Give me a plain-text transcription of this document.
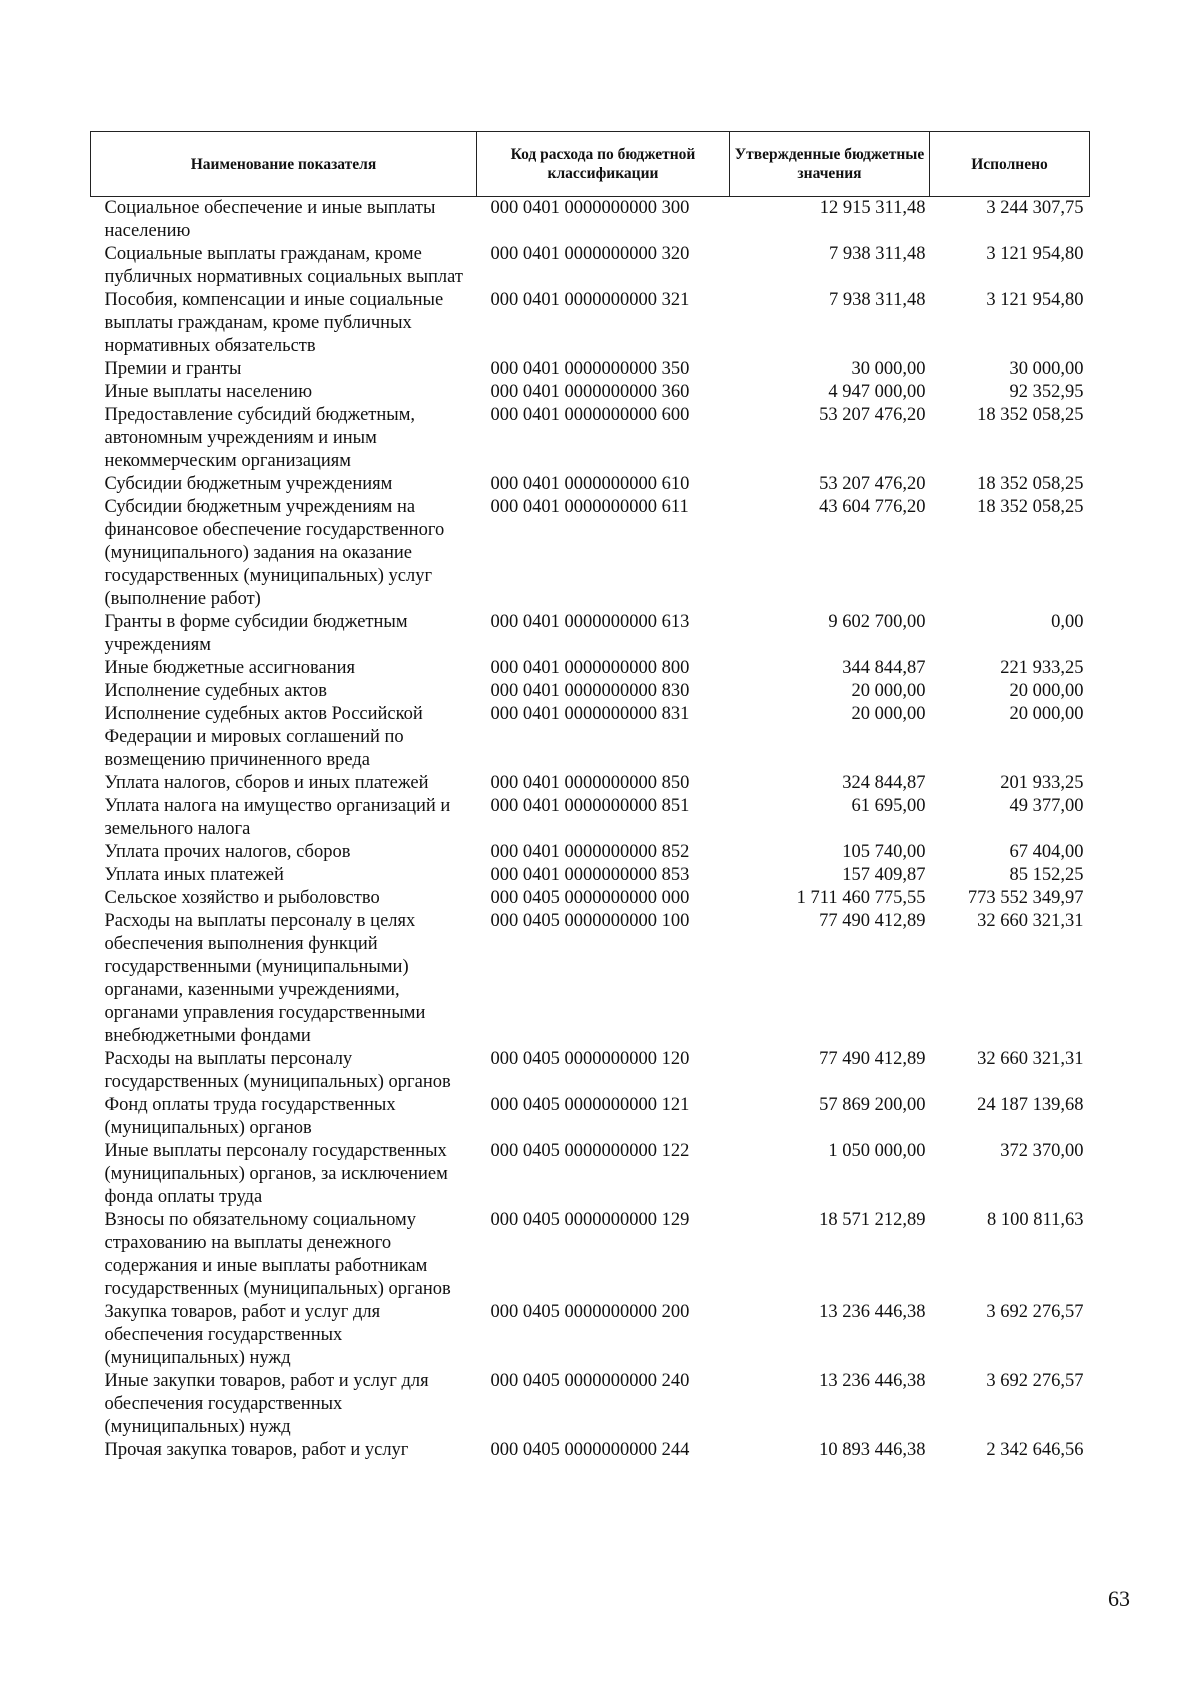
Наименование показателя	Код расхода по бюджетной классификации	Утвержденные бюджетные значения	Исполнено
Социальное обеспечение и иные выплаты населению	000 0401 0000000000 300	12 915 311,48	3 244 307,75
Социальные выплаты гражданам, кроме публичных нормативных социальных выплат	000 0401 0000000000 320	7 938 311,48	3 121 954,80
Пособия, компенсации и иные социальные выплаты гражданам, кроме публичных нормативных обязательств	000 0401 0000000000 321	7 938 311,48	3 121 954,80
Премии и гранты	000 0401 0000000000 350	30 000,00	30 000,00
Иные выплаты населению	000 0401 0000000000 360	4 947 000,00	92 352,95
Предоставление субсидий бюджетным, автономным учреждениям и иным некоммерческим организациям	000 0401 0000000000 600	53 207 476,20	18 352 058,25
Субсидии бюджетным учреждениям	000 0401 0000000000 610	53 207 476,20	18 352 058,25
Субсидии бюджетным учреждениям на финансовое обеспечение государственного (муниципального) задания на оказание государственных (муниципальных) услуг (выполнение работ)	000 0401 0000000000 611	43 604 776,20	18 352 058,25
Гранты в форме субсидии бюджетным учреждениям	000 0401 0000000000 613	9 602 700,00	0,00
Иные бюджетные ассигнования	000 0401 0000000000 800	344 844,87	221 933,25
Исполнение судебных актов	000 0401 0000000000 830	20 000,00	20 000,00
Исполнение судебных актов Российской Федерации и мировых соглашений по возмещению причиненного вреда	000 0401 0000000000 831	20 000,00	20 000,00
Уплата налогов, сборов и иных платежей	000 0401 0000000000 850	324 844,87	201 933,25
Уплата налога на имущество организаций и земельного налога	000 0401 0000000000 851	61 695,00	49 377,00
Уплата прочих налогов, сборов	000 0401 0000000000 852	105 740,00	67 404,00
Уплата иных платежей	000 0401 0000000000 853	157 409,87	85 152,25
Сельское хозяйство и рыболовство	000 0405 0000000000 000	1 711 460 775,55	773 552 349,97
Расходы на выплаты персоналу в целях обеспечения выполнения функций государственными (муниципальными) органами, казенными учреждениями, органами управления государственными внебюджетными фондами	000 0405 0000000000 100	77 490 412,89	32 660 321,31
Расходы на выплаты персоналу государственных (муниципальных) органов	000 0405 0000000000 120	77 490 412,89	32 660 321,31
Фонд оплаты труда государственных (муниципальных) органов	000 0405 0000000000 121	57 869 200,00	24 187 139,68
Иные выплаты персоналу государственных (муниципальных) органов, за исключением фонда оплаты труда	000 0405 0000000000 122	1 050 000,00	372 370,00
Взносы по обязательному социальному страхованию на выплаты денежного содержания и иные выплаты работникам государственных (муниципальных) органов	000 0405 0000000000 129	18 571 212,89	8 100 811,63
Закупка товаров, работ и услуг для обеспечения государственных (муниципальных) нужд	000 0405 0000000000 200	13 236 446,38	3 692 276,57
Иные закупки товаров, работ и услуг для обеспечения государственных (муниципальных) нужд	000 0405 0000000000 240	13 236 446,38	3 692 276,57
Прочая закупка товаров, работ и услуг	000 0405 0000000000 244	10 893 446,38	2 342 646,56
63
